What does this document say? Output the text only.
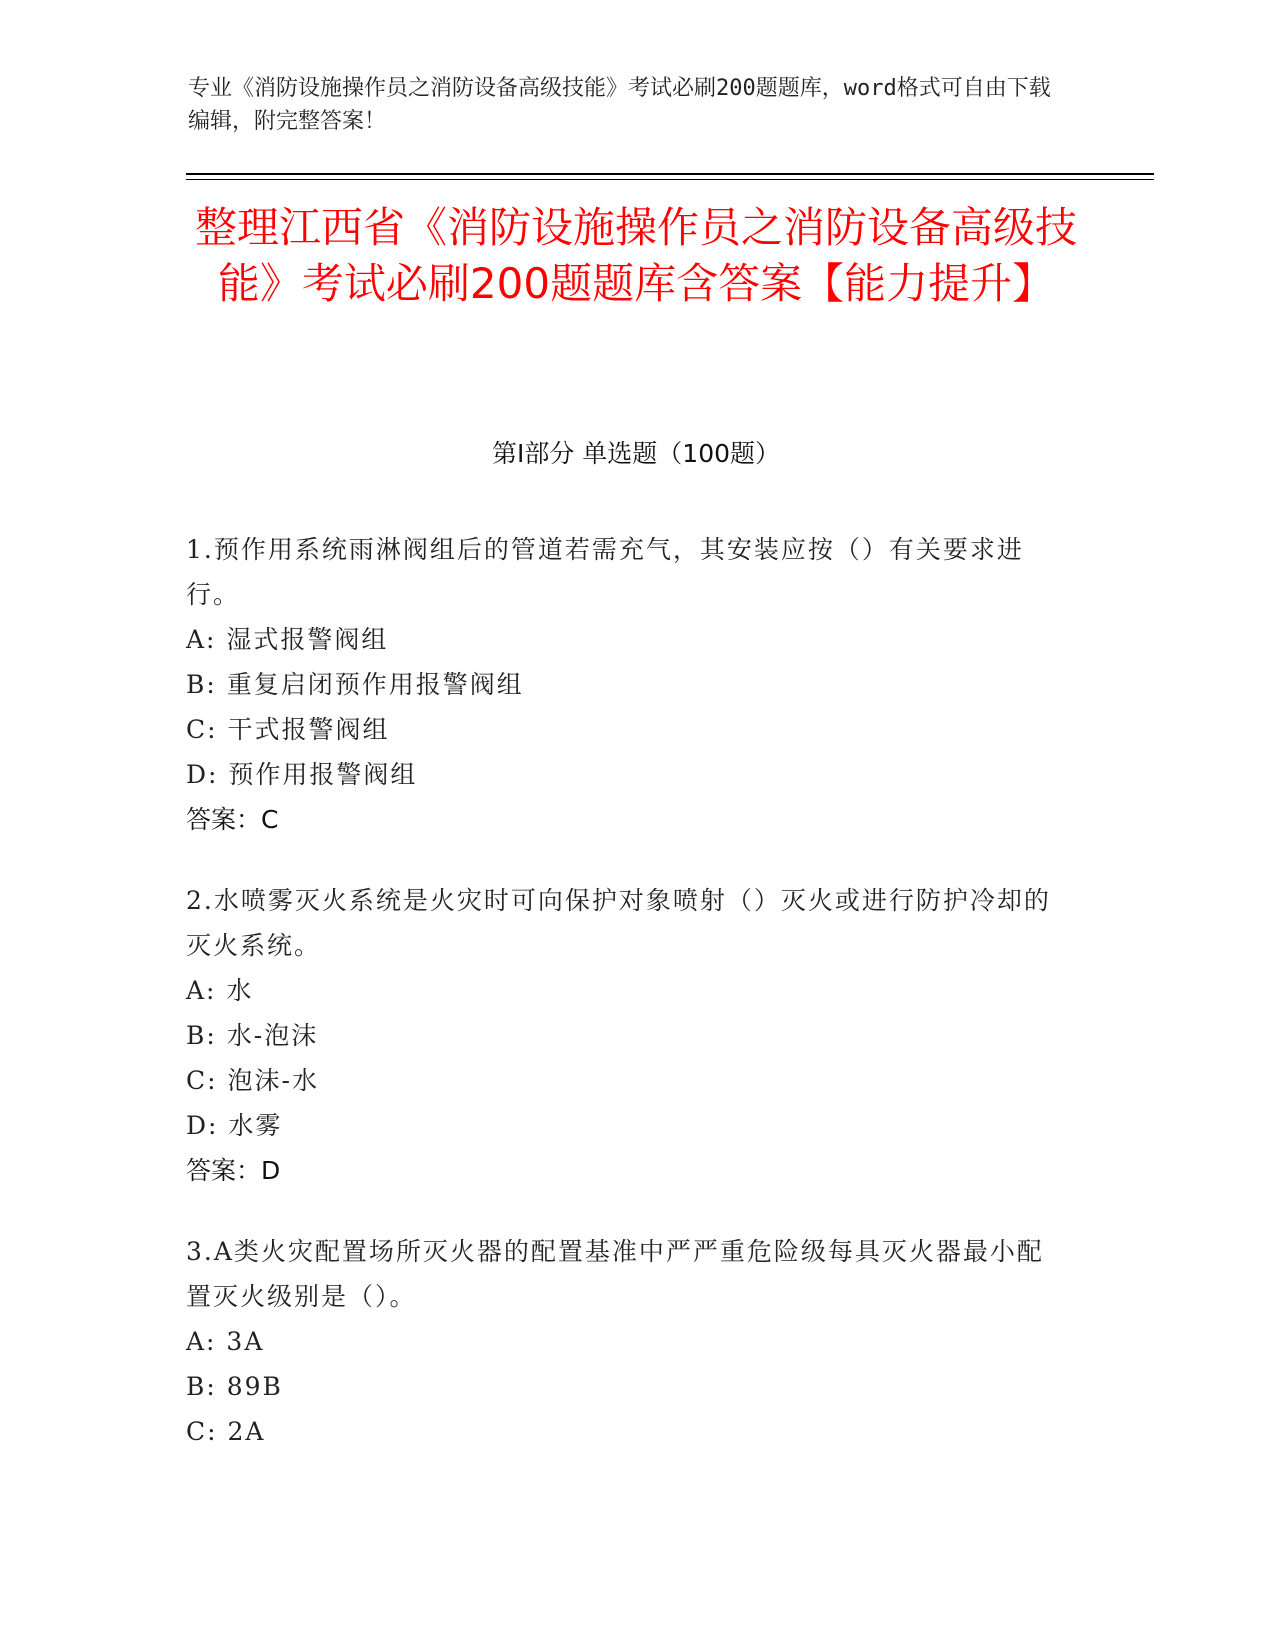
专业《消防设施操作员之消防设备高级技能》考试必刷200题题库，word格式可自由下载编辑，附完整答案！
整理江西省《消防设施操作员之消防设备高级技能》考试必刷200题题库含答案【能力提升】
第I部分 单选题（100题）
1.预作用系统雨淋阀组后的管道若需充气，其安装应按（）有关要求进行。
A: 湿式报警阀组
B: 重复启闭预作用报警阀组
C: 干式报警阀组
D: 预作用报警阀组
答案：C
2.水喷雾灭火系统是火灾时可向保护对象喷射（）灭火或进行防护冷却的灭火系统。
A: 水
B: 水-泡沫
C: 泡沫-水
D: 水雾
答案：D
3.A类火灾配置场所灭火器的配置基准中严严重危险级每具灭火器最小配置灭火级别是（）。
A: 3A
B: 89B
C: 2A
